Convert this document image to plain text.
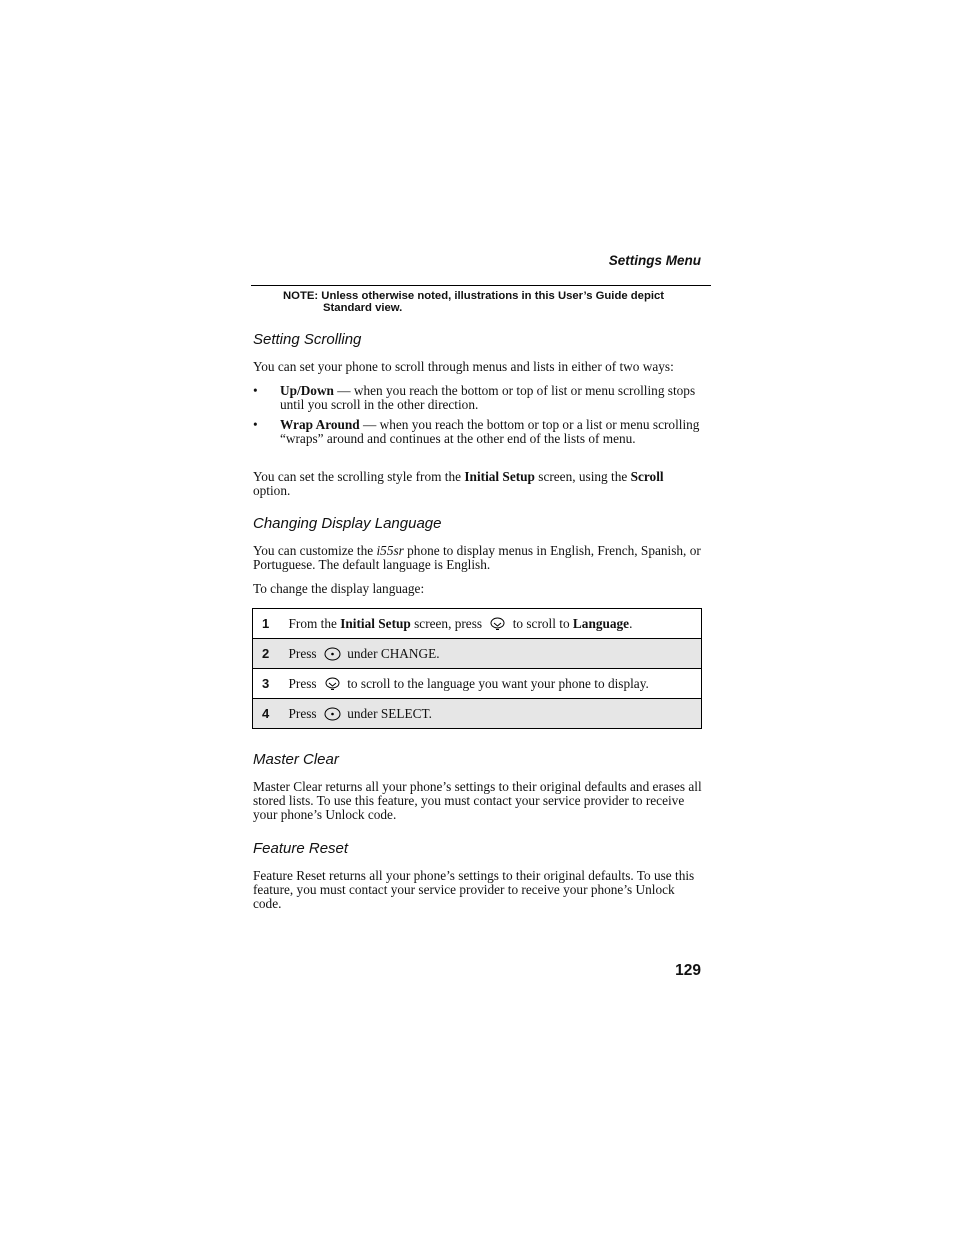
Settings Menu
NOTE: Unless otherwise noted, illustrations in this User’s Guide depict
Standard view.
Setting Scrolling
You can set your phone to scroll through menus and lists in either of two ways:
• Up/Down — when you reach the bottom or top of list or menu scrolling stops until you scroll in the other direction.
• Wrap Around — when you reach the bottom or top or a list or menu scrolling “wraps” around and continues at the other end of the lists of menu.
You can set the scrolling style from the Initial Setup screen, using the Scroll option.
Changing Display Language
You can customize the i55sr phone to display menus in English, French, Spanish, or Portuguese. The default language is English.
To change the display language:
1	From the Initial Setup screen, press  to scroll to Language.
2	Press  under CHANGE.
3	Press  to scroll to the language you want your phone to display.
4	Press  under SELECT.
Master Clear
Master Clear returns all your phone’s settings to their original defaults and erases all stored lists. To use this feature, you must contact your service provider to receive your phone’s Unlock code.
Feature Reset
Feature Reset returns all your phone’s settings to their original defaults. To use this feature, you must contact your service provider to receive your phone’s Unlock code.
129
